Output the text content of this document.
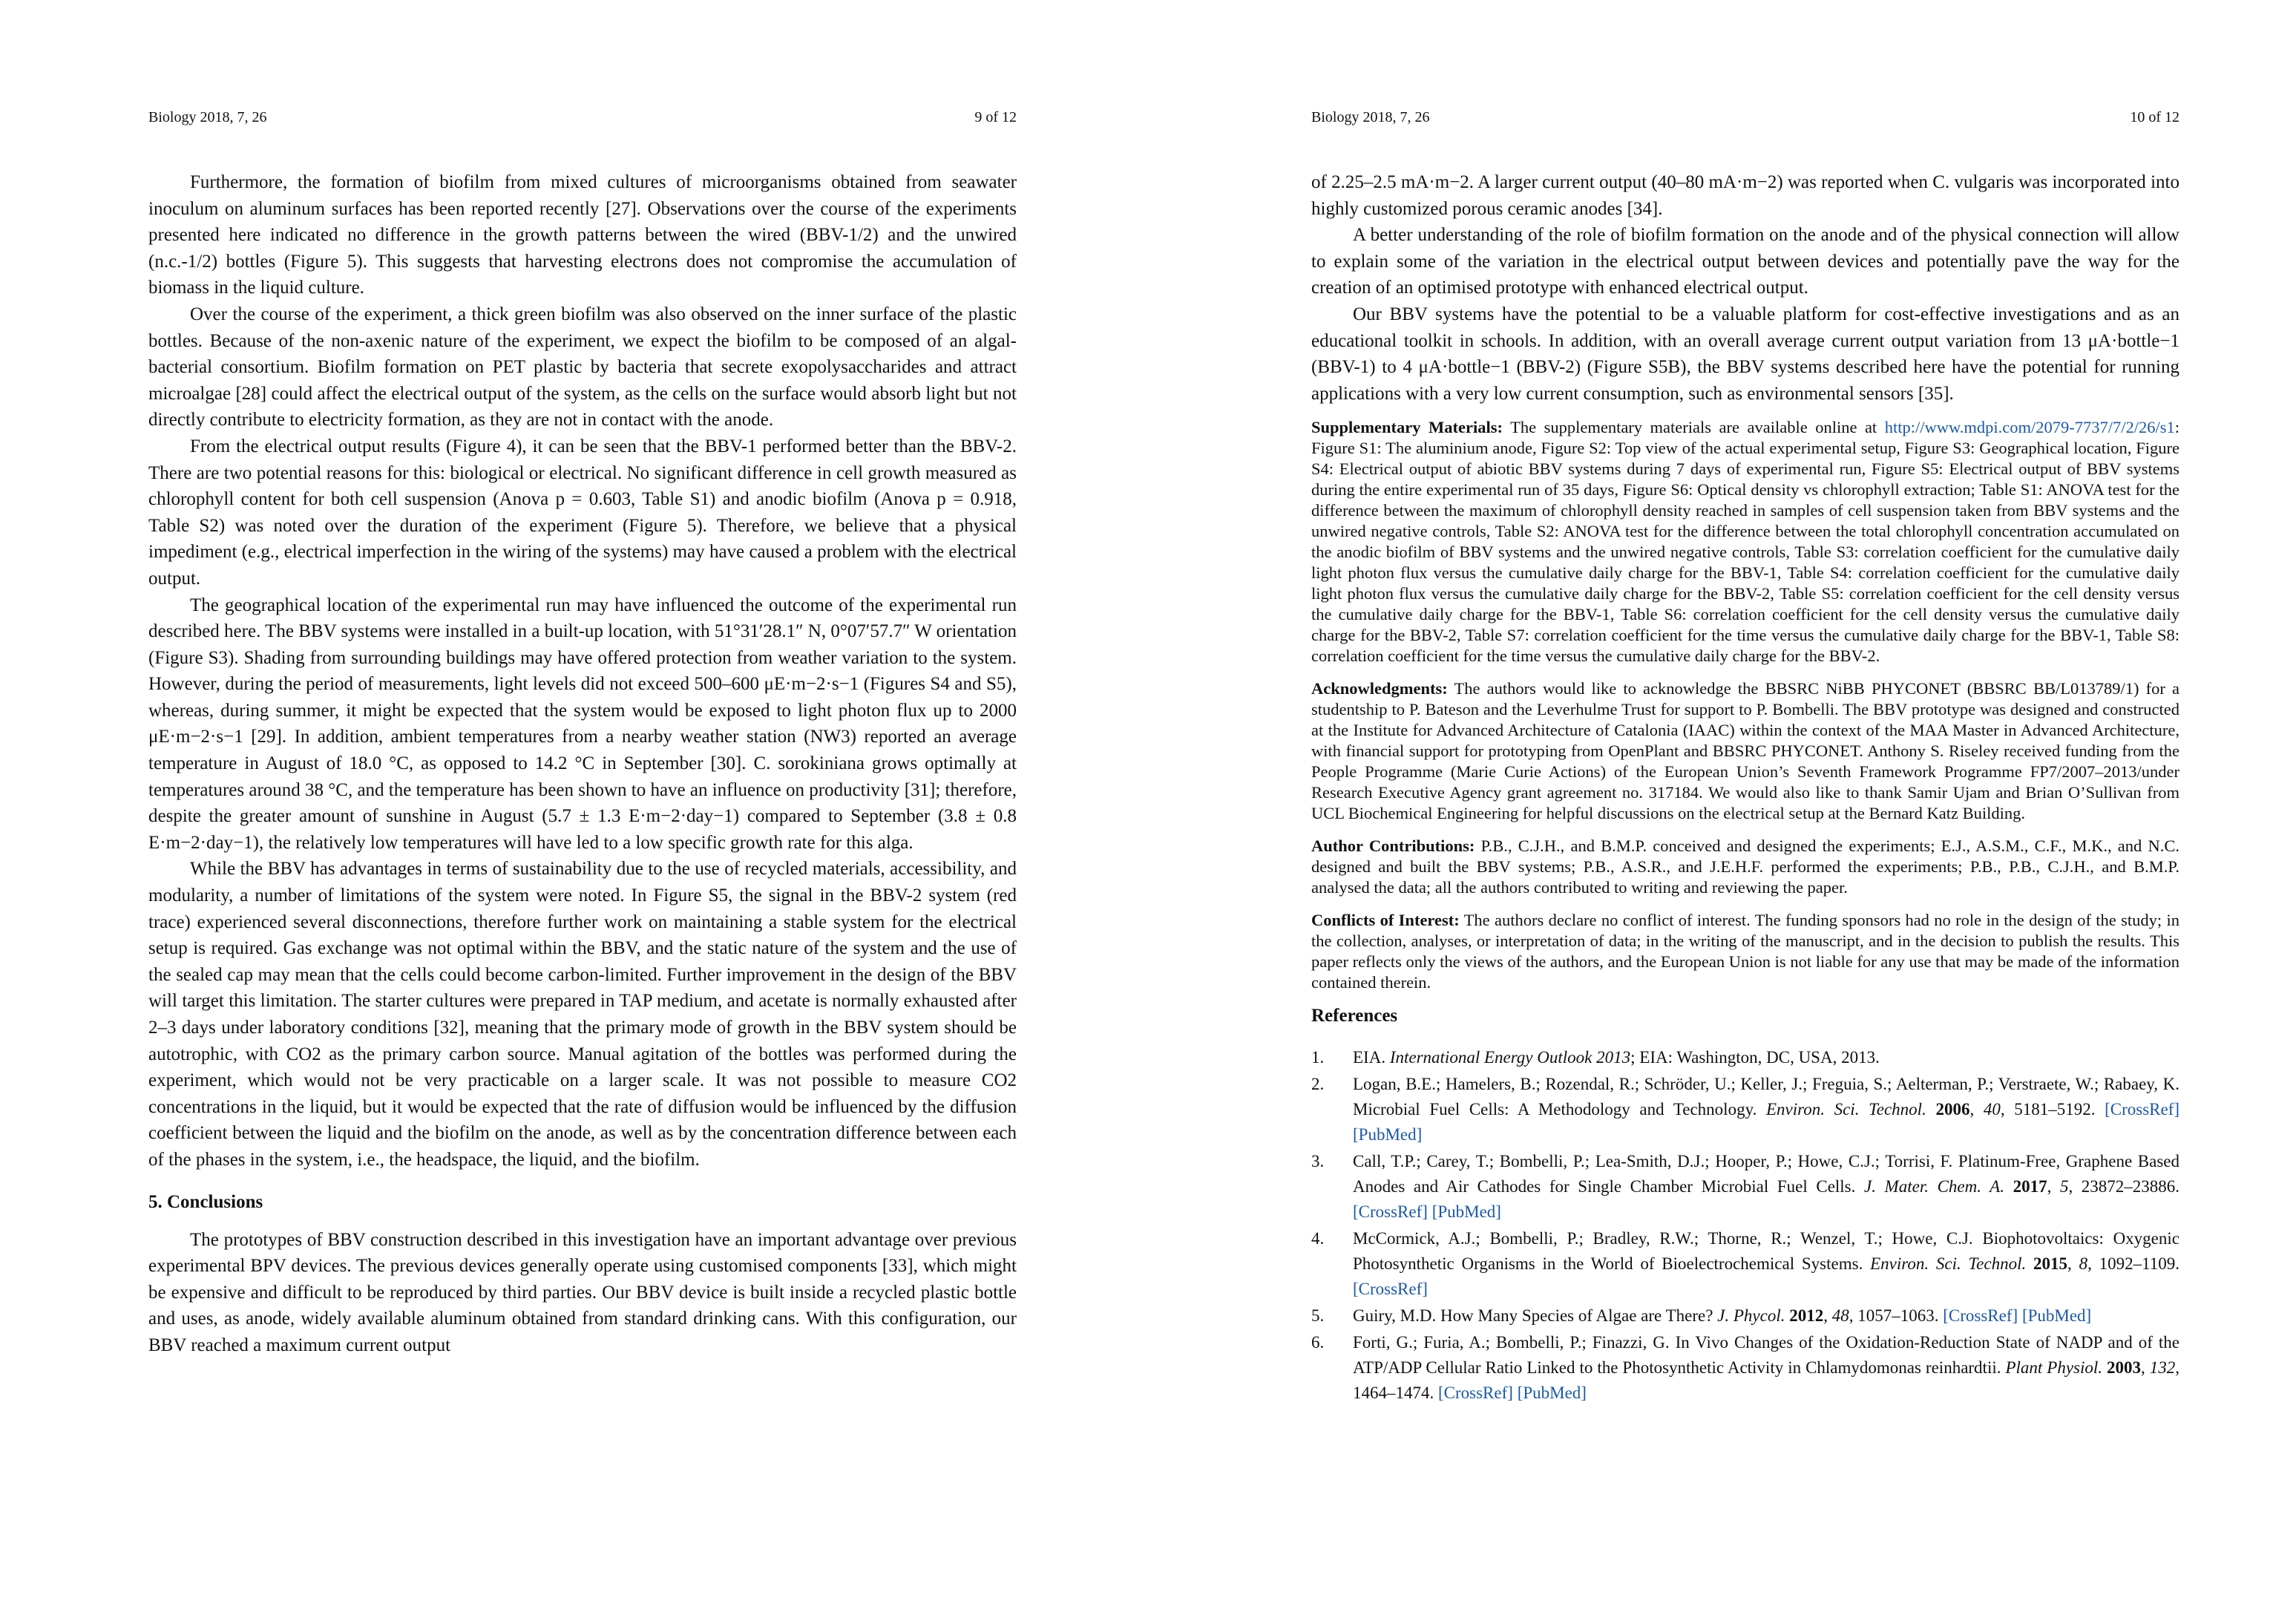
Biology 2018, 7, 26	9 of 12

Furthermore, the formation of biofilm from mixed cultures of microorganisms obtained from seawater inoculum on aluminum surfaces has been reported recently [27]. Observations over the course of the experiments presented here indicated no difference in the growth patterns between the wired (BBV-1/2) and the unwired (n.c.-1/2) bottles (Figure 5). This suggests that harvesting electrons does not compromise the accumulation of biomass in the liquid culture.

Over the course of the experiment, a thick green biofilm was also observed on the inner surface of the plastic bottles. Because of the non-axenic nature of the experiment, we expect the biofilm to be composed of an algal-bacterial consortium. Biofilm formation on PET plastic by bacteria that secrete exopolysaccharides and attract microalgae [28] could affect the electrical output of the system, as the cells on the surface would absorb light but not directly contribute to electricity formation, as they are not in contact with the anode.

From the electrical output results (Figure 4), it can be seen that the BBV-1 performed better than the BBV-2. There are two potential reasons for this: biological or electrical. No significant difference in cell growth measured as chlorophyll content for both cell suspension (Anova p = 0.603, Table S1) and anodic biofilm (Anova p = 0.918, Table S2) was noted over the duration of the experiment (Figure 5). Therefore, we believe that a physical impediment (e.g., electrical imperfection in the wiring of the systems) may have caused a problem with the electrical output.

The geographical location of the experimental run may have influenced the outcome of the experimental run described here. The BBV systems were installed in a built-up location, with 51°31′28.1″ N, 0°07′57.7″ W orientation (Figure S3). Shading from surrounding buildings may have offered protection from weather variation to the system. However, during the period of measurements, light levels did not exceed 500–600 μE·m−2·s−1 (Figures S4 and S5), whereas, during summer, it might be expected that the system would be exposed to light photon flux up to 2000 μE·m−2·s−1 [29]. In addition, ambient temperatures from a nearby weather station (NW3) reported an average temperature in August of 18.0 °C, as opposed to 14.2 °C in September [30]. C. sorokiniana grows optimally at temperatures around 38 °C, and the temperature has been shown to have an influence on productivity [31]; therefore, despite the greater amount of sunshine in August (5.7 ± 1.3 E·m−2·day−1) compared to September (3.8 ± 0.8 E·m−2·day−1), the relatively low temperatures will have led to a low specific growth rate for this alga.

While the BBV has advantages in terms of sustainability due to the use of recycled materials, accessibility, and modularity, a number of limitations of the system were noted. In Figure S5, the signal in the BBV-2 system (red trace) experienced several disconnections, therefore further work on maintaining a stable system for the electrical setup is required. Gas exchange was not optimal within the BBV, and the static nature of the system and the use of the sealed cap may mean that the cells could become carbon-limited. Further improvement in the design of the BBV will target this limitation. The starter cultures were prepared in TAP medium, and acetate is normally exhausted after 2–3 days under laboratory conditions [32], meaning that the primary mode of growth in the BBV system should be autotrophic, with CO2 as the primary carbon source. Manual agitation of the bottles was performed during the experiment, which would not be very practicable on a larger scale. It was not possible to measure CO2 concentrations in the liquid, but it would be expected that the rate of diffusion would be influenced by the diffusion coefficient between the liquid and the biofilm on the anode, as well as by the concentration difference between each of the phases in the system, i.e., the headspace, the liquid, and the biofilm.

5. Conclusions

The prototypes of BBV construction described in this investigation have an important advantage over previous experimental BPV devices. The previous devices generally operate using customised components [33], which might be expensive and difficult to be reproduced by third parties. Our BBV device is built inside a recycled plastic bottle and uses, as anode, widely available aluminum obtained from standard drinking cans. With this configuration, our BBV reached a maximum current output

Biology 2018, 7, 26	10 of 12

of 2.25–2.5 mA·m−2. A larger current output (40–80 mA·m−2) was reported when C. vulgaris was incorporated into highly customized porous ceramic anodes [34].

A better understanding of the role of biofilm formation on the anode and of the physical connection will allow to explain some of the variation in the electrical output between devices and potentially pave the way for the creation of an optimised prototype with enhanced electrical output.

Our BBV systems have the potential to be a valuable platform for cost-effective investigations and as an educational toolkit in schools. In addition, with an overall average current output variation from 13 μA·bottle−1 (BBV-1) to 4 μA·bottle−1 (BBV-2) (Figure S5B), the BBV systems described here have the potential for running applications with a very low current consumption, such as environmental sensors [35].

Supplementary Materials: The supplementary materials are available online at http://www.mdpi.com/2079-7737/7/2/26/s1: Figure S1: The aluminium anode, Figure S2: Top view of the actual experimental setup, Figure S3: Geographical location, Figure S4: Electrical output of abiotic BBV systems during 7 days of experimental run, Figure S5: Electrical output of BBV systems during the entire experimental run of 35 days, Figure S6: Optical density vs chlorophyll extraction; Table S1: ANOVA test for the difference between the maximum of chlorophyll density reached in samples of cell suspension taken from BBV systems and the unwired negative controls, Table S2: ANOVA test for the difference between the total chlorophyll concentration accumulated on the anodic biofilm of BBV systems and the unwired negative controls, Table S3: correlation coefficient for the cumulative daily light photon flux versus the cumulative daily charge for the BBV-1, Table S4: correlation coefficient for the cumulative daily light photon flux versus the cumulative daily charge for the BBV-2, Table S5: correlation coefficient for the cell density versus the cumulative daily charge for the BBV-1, Table S6: correlation coefficient for the cell density versus the cumulative daily charge for the BBV-2, Table S7: correlation coefficient for the time versus the cumulative daily charge for the BBV-1, Table S8: correlation coefficient for the time versus the cumulative daily charge for the BBV-2.

Acknowledgments: The authors would like to acknowledge the BBSRC NiBB PHYCONET (BBSRC BB/L013789/1) for a studentship to P. Bateson and the Leverhulme Trust for support to P. Bombelli. The BBV prototype was designed and constructed at the Institute for Advanced Architecture of Catalonia (IAAC) within the context of the MAA Master in Advanced Architecture, with financial support for prototyping from OpenPlant and BBSRC PHYCONET. Anthony S. Riseley received funding from the People Programme (Marie Curie Actions) of the European Union’s Seventh Framework Programme FP7/2007–2013/under Research Executive Agency grant agreement no. 317184. We would also like to thank Samir Ujam and Brian O’Sullivan from UCL Biochemical Engineering for helpful discussions on the electrical setup at the Bernard Katz Building.

Author Contributions: P.B., C.J.H., and B.M.P. conceived and designed the experiments; E.J., A.S.M., C.F., M.K., and N.C. designed and built the BBV systems; P.B., A.S.R., and J.E.H.F. performed the experiments; P.B., P.B., C.J.H., and B.M.P. analysed the data; all the authors contributed to writing and reviewing the paper.

Conflicts of Interest: The authors declare no conflict of interest. The funding sponsors had no role in the design of the study; in the collection, analyses, or interpretation of data; in the writing of the manuscript, and in the decision to publish the results. This paper reflects only the views of the authors, and the European Union is not liable for any use that may be made of the information contained therein.

References
1.	EIA. International Energy Outlook 2013; EIA: Washington, DC, USA, 2013.
2.	Logan, B.E.; Hamelers, B.; Rozendal, R.; Schröder, U.; Keller, J.; Freguia, S.; Aelterman, P.; Verstraete, W.; Rabaey, K. Microbial Fuel Cells: A Methodology and Technology. Environ. Sci. Technol. 2006, 40, 5181–5192. [CrossRef] [PubMed]
3.	Call, T.P.; Carey, T.; Bombelli, P.; Lea-Smith, D.J.; Hooper, P.; Howe, C.J.; Torrisi, F. Platinum-Free, Graphene Based Anodes and Air Cathodes for Single Chamber Microbial Fuel Cells. J. Mater. Chem. A. 2017, 5, 23872–23886. [CrossRef] [PubMed]
4.	McCormick, A.J.; Bombelli, P.; Bradley, R.W.; Thorne, R.; Wenzel, T.; Howe, C.J. Biophotovoltaics: Oxygenic Photosynthetic Organisms in the World of Bioelectrochemical Systems. Environ. Sci. Technol. 2015, 8, 1092–1109. [CrossRef]
5.	Guiry, M.D. How Many Species of Algae are There? J. Phycol. 2012, 48, 1057–1063. [CrossRef] [PubMed]
6.	Forti, G.; Furia, A.; Bombelli, P.; Finazzi, G. In Vivo Changes of the Oxidation-Reduction State of NADP and of the ATP/ADP Cellular Ratio Linked to the Photosynthetic Activity in Chlamydomonas reinhardtii. Plant Physiol. 2003, 132, 1464–1474. [CrossRef] [PubMed]
